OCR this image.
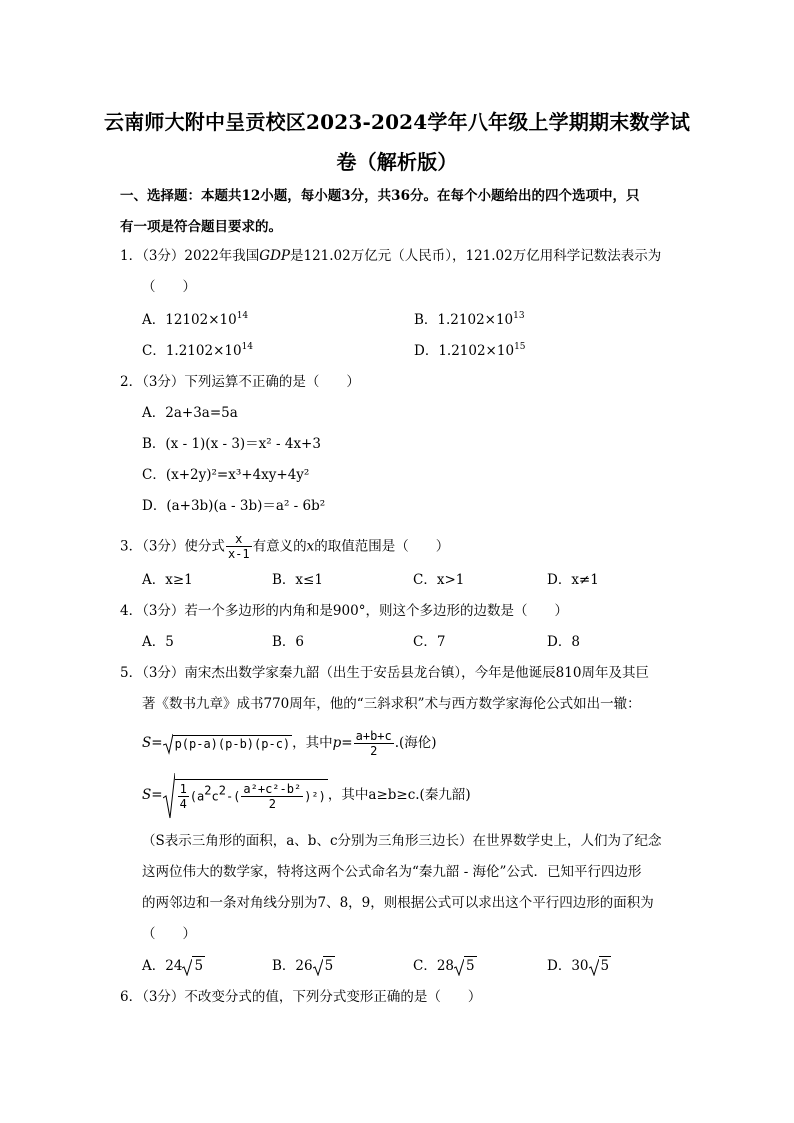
云南师大附中呈贡校区2023-2024学年八年级上学期期末数学试
卷（解析版）
一、选择题：本题共12小题，每小题3分，共36分。在每个小题给出的四个选项中，只
有一项是符合题目要求的。
1．（3分）2022年我国GDP是121.02万亿元（人民币），121.02万亿用科学记数法表示为
（　　）
A．$12102\times 10^{14}$	B．$1.2102\times 10^{13}$
C．$1.2102\times 10^{14}$	D．$1.2102\times 10^{15}$
2．（3分）下列运算不正确的是（　　）
A．2a+3a=5a
B．(x - 1)(x - 3)＝x² - 4x+3
C．(x+2y)²=x³+4xy+4y²
D．(a+3b)(a - 3b)＝a² - 6b²
3．（3分）使分式 $\frac{x}{x-1}$ 有意义的x的取值范围是（　　）
A．x≥1	B．x≤1	C．x>1	D．x≠1
4．（3分）若一个多边形的内角和是900°，则这个多边形的边数是（　　）
A．5	B．6	C．7	D．8
5．（3分）南宋杰出数学家秦九韶（出生于安岳县龙台镇），今年是他诞辰810周年及其巨
著《数书九章》成书770周年，他的“三斜求积”术与西方数学家海伦公式如出一辙：
S= p(p-a)(p-b)(p-c) ，其中$p= \frac{a+b+c}{2}$ .(海伦)
$S= \frac{1}{4} (a^2c^2-( \frac{\text{a²+c²-b²}}{2} )^2)$ ，其中a≥b≥c.(秦九韶)
（S表示三角形的面积，a、b、c分别为三角形三边长）在世界数学史上，人们为了纪念
这两位伟大的数学家，特将这两个公式命名为“秦九韶 - 海伦”公式．已知平行四边形
的两邻边和一条对角线分别为7、8，9，则根据公式可以求出这个平行四边形的面积为
（　　）
A．24 5	B．26 5	C．28 5	D．30 5
6．（3分）不改变分式的值，下列分式变形正确的是（　　）
